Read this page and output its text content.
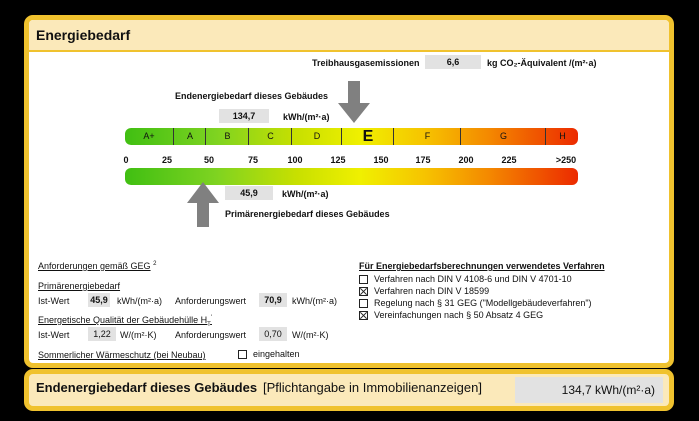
Energiebedarf
Treibhausgasemissionen	6,6	kg CO₂-Äquivalent /(m²·a)
Endenergiebedarf dieses Gebäudes
134,7	kWh/(m²·a)
A+	A	B	C	D	E	F	G	H
0	25	50	75	100	125	150	175	200	225	>250
45,9	kWh/(m²·a)
Primärenergiebedarf dieses Gebäudes
Anforderungen gemäß GEG $^2$
Primärenergiebedarf
Ist-Wert 45,9 kWh/(m²·a) Anforderungswert	70,9	kWh/(m²·a)
Energetische Qualität der Gebäudehülle $H_T'$
Ist-Wert	1,22	W/(m²·K) Anforderungswert	0,70	W/(m²·K)
Sommerlicher Wärmeschutz (bei Neubau)	eingehalten
Für Energiebedarfsberechnungen verwendetes Verfahren
Verfahren nach DIN V 4108-6 und DIN V 4701-10
Verfahren nach DIN V 18599
Regelung nach § 31 GEG ("Modellgebäudeverfahren")
Vereinfachungen nach § 50 Absatz 4 GEG
Endenergiebedarf dieses Gebäudes [Pflichtangabe in Immobilienanzeigen]	134,7 kWh/(m²·a)
